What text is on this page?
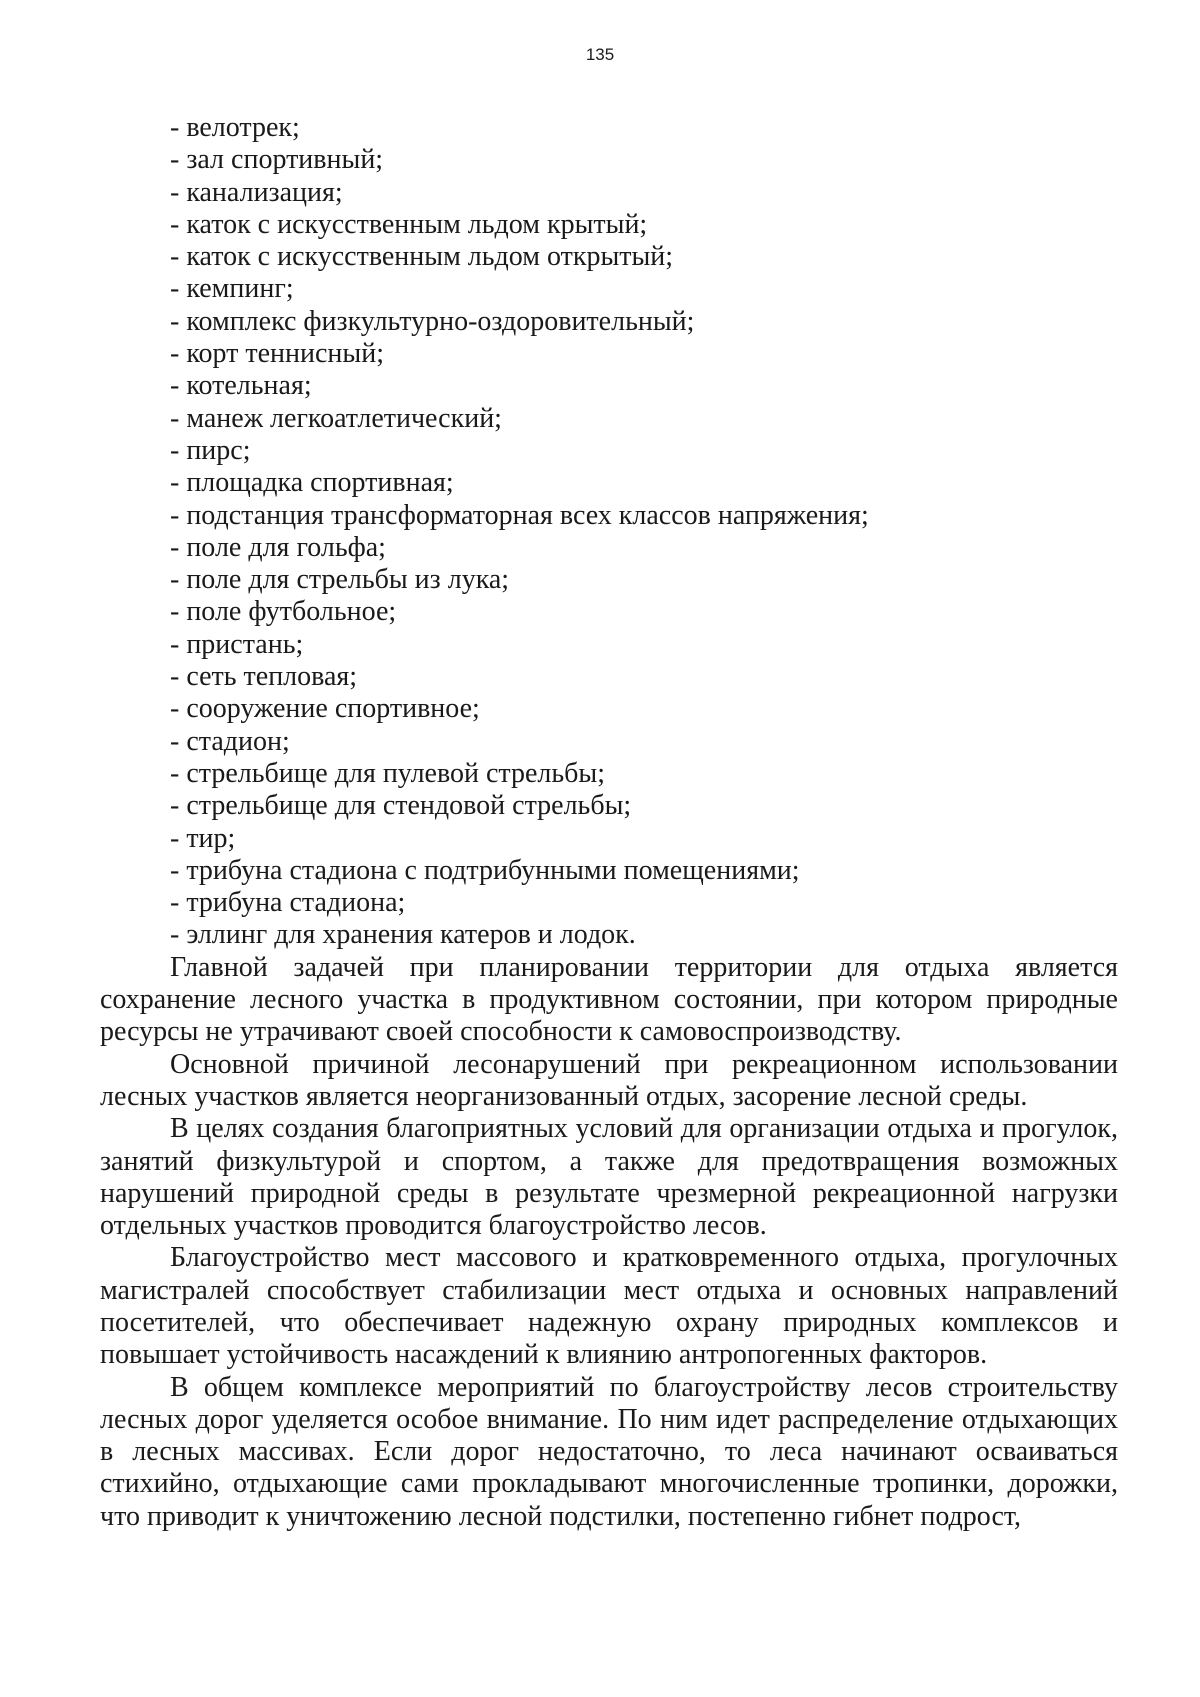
135
- велотрек;
- зал спортивный;
- канализация;
- каток с искусственным льдом крытый;
- каток с искусственным льдом открытый;
- кемпинг;
- комплекс физкультурно-оздоровительный;
- корт теннисный;
- котельная;
- манеж легкоатлетический;
- пирс;
- площадка спортивная;
- подстанция трансформаторная всех классов напряжения;
- поле для гольфа;
- поле для стрельбы из лука;
- поле футбольное;
- пристань;
- сеть тепловая;
- сооружение спортивное;
- стадион;
- стрельбище для пулевой стрельбы;
- стрельбище для стендовой стрельбы;
- тир;
- трибуна стадиона с подтрибунными помещениями;
- трибуна стадиона;
- эллинг для хранения катеров и лодок.

Главной задачей при планировании территории для отдыха является сохранение лесного участка в продуктивном состоянии, при котором природные ресурсы не утрачивают своей способности к самовоспроизводству.

Основной причиной лесонарушений при рекреационном использовании лесных участков является неорганизованный отдых, засорение лесной среды.

В целях создания благоприятных условий для организации отдыха и прогулок, занятий физкультурой и спортом, а также для предотвращения возможных нарушений природной среды в результате чрезмерной рекреационной нагрузки отдельных участков проводится благоустройство лесов.

Благоустройство мест массового и кратковременного отдыха, прогулочных магистралей способствует стабилизации мест отдыха и основных направлений посетителей, что обеспечивает надежную охрану природных комплексов и повышает устойчивость насаждений к влиянию антропогенных факторов.

В общем комплексе мероприятий по благоустройству лесов строительству лесных дорог уделяется особое внимание. По ним идет распределение отдыхающих в лесных массивах. Если дорог недостаточно, то леса начинают осваиваться стихийно, отдыхающие сами прокладывают многочисленные тропинки, дорожки, что приводит к уничтожению лесной подстилки, постепенно гибнет подрост,
